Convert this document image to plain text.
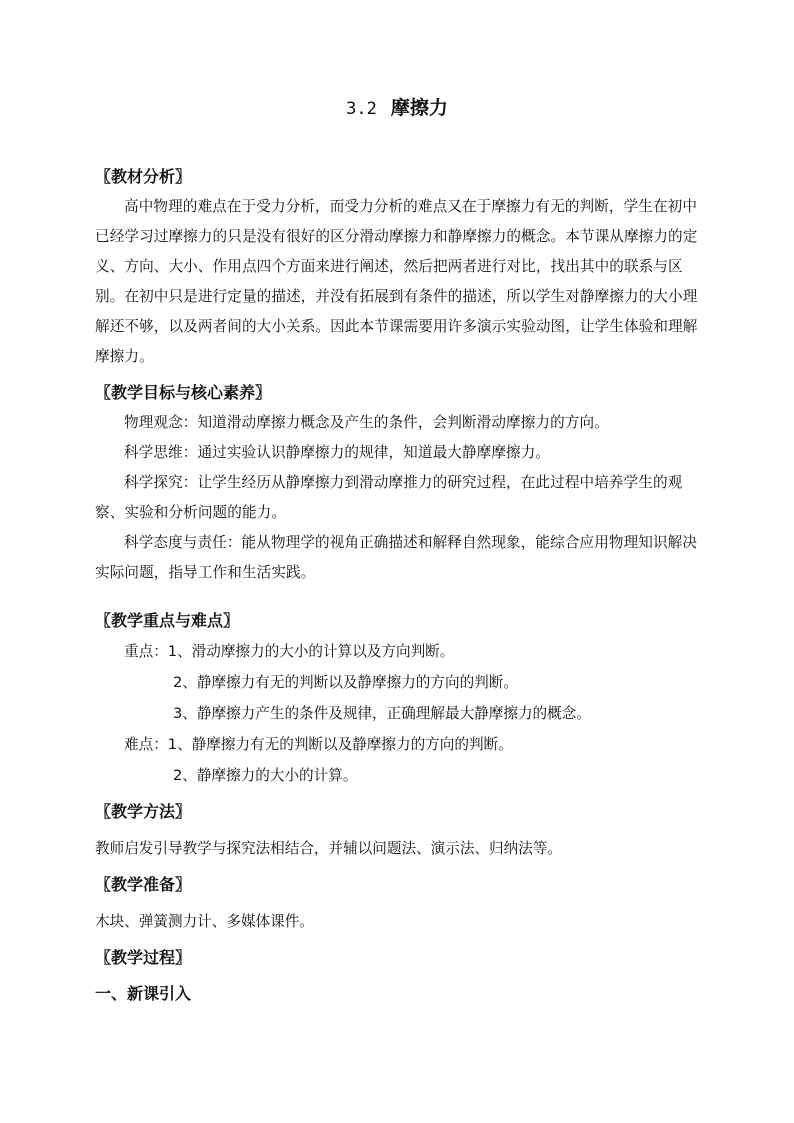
3.2 摩擦力
〖教材分析〗

高中物理的难点在于受力分析，而受力分析的难点又在于摩擦力有无的判断，学生在初中已经学习过摩擦力的只是没有很好的区分滑动摩擦力和静摩擦力的概念。本节课从摩擦力的定义、方向、大小、作用点四个方面来进行阐述，然后把两者进行对比，找出其中的联系与区别。在初中只是进行定量的描述，并没有拓展到有条件的描述，所以学生对静摩擦力的大小理解还不够，以及两者间的大小关系。因此本节课需要用许多演示实验动图，让学生体验和理解摩擦力。

〖教学目标与核心素养〗

物理观念：知道滑动摩擦力概念及产生的条件，会判断滑动摩擦力的方向。

科学思维：通过实验认识静摩擦力的规律，知道最大静摩摩擦力。

科学探究：让学生经历从静摩擦力到滑动摩推力的研究过程，在此过程中培养学生的观察、实验和分析问题的能力。

科学态度与责任：能从物理学的视角正确描述和解释自然现象，能综合应用物理知识解决实际问题，指导工作和生活实践。

〖教学重点与难点〗
重点：1、滑动摩擦力的大小的计算以及方向判断。
2、静摩擦力有无的判断以及静摩擦力的方向的判断。
3、静摩擦力产生的条件及规律，正确理解最大静摩擦力的概念。
难点：1、静摩擦力有无的判断以及静摩擦力的方向的判断。
2、静摩擦力的大小的计算。
〖教学方法〗
教师启发引导教学与探究法相结合，并辅以问题法、演示法、归纳法等。
〖教学准备〗
木块、弹簧测力计、多媒体课件。
〖教学过程〗
一、新课引入
